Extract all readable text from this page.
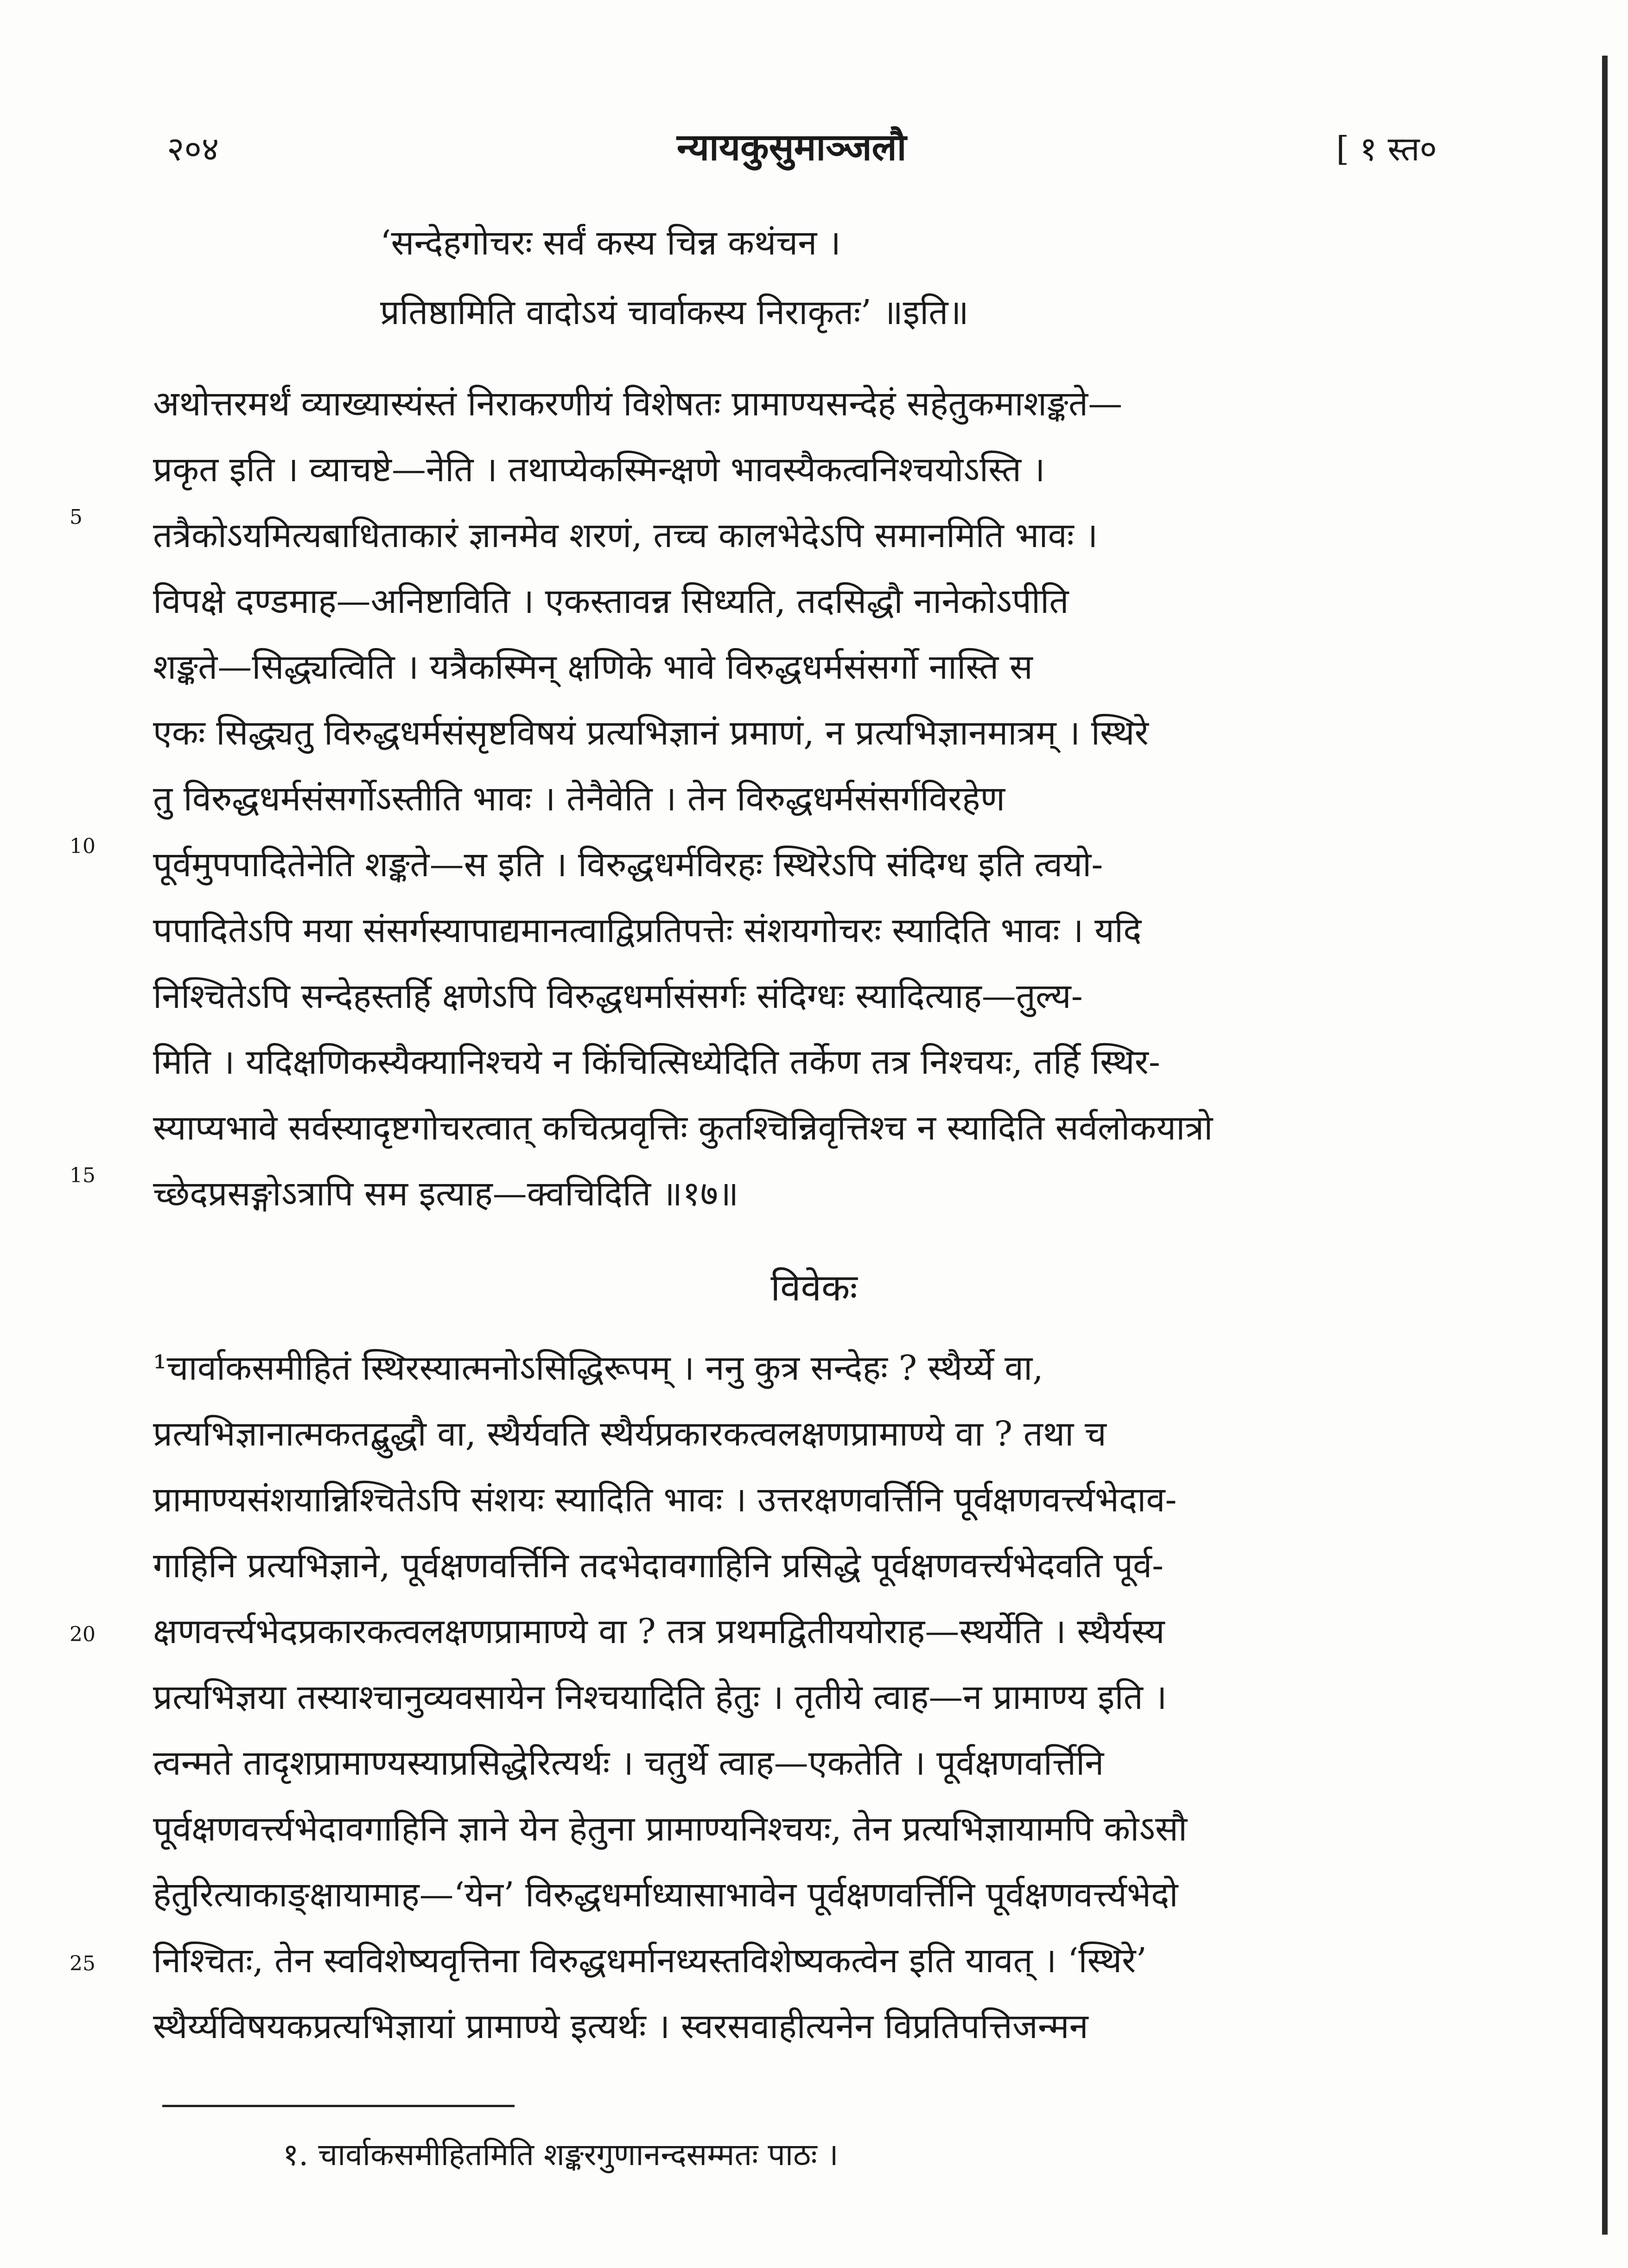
२०४	न्यायकुसुमाञ्जलौ	[ १ स्त०
‘सन्देहगोचरः सर्वं कस्य चिन्न कथंचन ।
प्रतिष्ठामिति वादोऽयं चार्वाकस्य निराकृतः’ ॥इति॥
अथोत्तरमर्थं व्याख्यास्यंस्तं निराकरणीयं विशेषतः प्रामाण्यसन्देहं सहेतुकमाशङ्कते—
प्रकृत इति । व्याचष्टे—नेति । तथाप्येकस्मिन्क्षणे भावस्यैकत्वनिश्चयोऽस्ति ।
तत्रैकोऽयमित्यबाधिताकारं ज्ञानमेव शरणं, तच्च कालभेदेऽपि समानमिति भावः ।
विपक्षे दण्डमाह—अनिष्टाविति । एकस्तावन्न सिध्यति, तदसिद्धौ नानेकोऽपीति
शङ्कते—सिद्ध्यत्विति । यत्रैकस्मिन् क्षणिके भावे विरुद्धधर्मसंसर्गो नास्ति स
एकः सिद्ध्यतु विरुद्धधर्मसंसृष्टविषयं प्रत्यभिज्ञानं प्रमाणं, न प्रत्यभिज्ञानमात्रम् । स्थिरे
तु विरुद्धधर्मसंसर्गोऽस्तीति भावः । तेनैवेति । तेन विरुद्धधर्मसंसर्गविरहेण
पूर्वमुपपादितेनेति शङ्कते—स इति । विरुद्धधर्मविरहः स्थिरेऽपि संदिग्ध इति त्वयो-
पपादितेऽपि मया संसर्गस्यापाद्यमानत्वाद्विप्रतिपत्तेः संशयगोचरः स्यादिति भावः । यदि
निश्चितेऽपि सन्देहस्तर्हि क्षणेऽपि विरुद्धधर्मासंसर्गः संदिग्धः स्यादित्याह—तुल्य-
मिति । यदिक्षणिकस्यैक्यानिश्चये न किंचित्सिध्येदिति तर्केण तत्र निश्चयः, तर्हि स्थिर-
स्याप्यभावे सर्वस्यादृष्टगोचरत्वात् कचित्प्रवृत्तिः कुतश्चिन्निवृत्तिश्च न स्यादिति सर्वलोकयात्रो
च्छेदप्रसङ्गोऽत्रापि सम इत्याह—क्वचिदिति ॥१७॥
5
10
15
20
25
विवेकः
¹चार्वाकसमीहितं स्थिरस्यात्मनोऽसिद्धिरूपम् । ननु कुत्र सन्देहः ? स्थैर्य्ये वा,
प्रत्यभिज्ञानात्मकतद्बुद्धौ वा, स्थैर्यवति स्थैर्यप्रकारकत्वलक्षणप्रामाण्ये वा ? तथा च
प्रामाण्यसंशयान्निश्चितेऽपि संशयः स्यादिति भावः । उत्तरक्षणवर्त्तिनि पूर्वक्षणवर्त्त्यभेदाव-
गाहिनि प्रत्यभिज्ञाने, पूर्वक्षणवर्त्तिनि तदभेदावगाहिनि प्रसिद्धे पूर्वक्षणवर्त्त्यभेदवति पूर्व-
क्षणवर्त्त्यभेदप्रकारकत्वलक्षणप्रामाण्ये वा ? तत्र प्रथमद्वितीययोराह—स्थर्येति । स्थैर्यस्य
प्रत्यभिज्ञया तस्याश्चानुव्यवसायेन निश्चयादिति हेतुः । तृतीये त्वाह—न प्रामाण्य इति ।
त्वन्मते तादृशप्रामाण्यस्याप्रसिद्धेरित्यर्थः । चतुर्थे त्वाह—एकतेति । पूर्वक्षणवर्त्तिनि
पूर्वक्षणवर्त्त्यभेदावगाहिनि ज्ञाने येन हेतुना प्रामाण्यनिश्चयः, तेन प्रत्यभिज्ञायामपि कोऽसौ
हेतुरित्याकाङ्क्षायामाह—‘येन’ विरुद्धधर्माध्यासाभावेन पूर्वक्षणवर्त्तिनि पूर्वक्षणवर्त्त्यभेदो
निश्चितः, तेन स्वविशेष्यवृत्तिना विरुद्धधर्मानध्यस्तविशेष्यकत्वेन इति यावत् । ‘स्थिरे’
स्थैर्य्यविषयकप्रत्यभिज्ञायां प्रामाण्ये इत्यर्थः । स्वरसवाहीत्यनेन विप्रतिपत्तिजन्मन
१. चार्वाकसमीहितमिति शङ्करगुणानन्दसम्मतः पाठः ।
